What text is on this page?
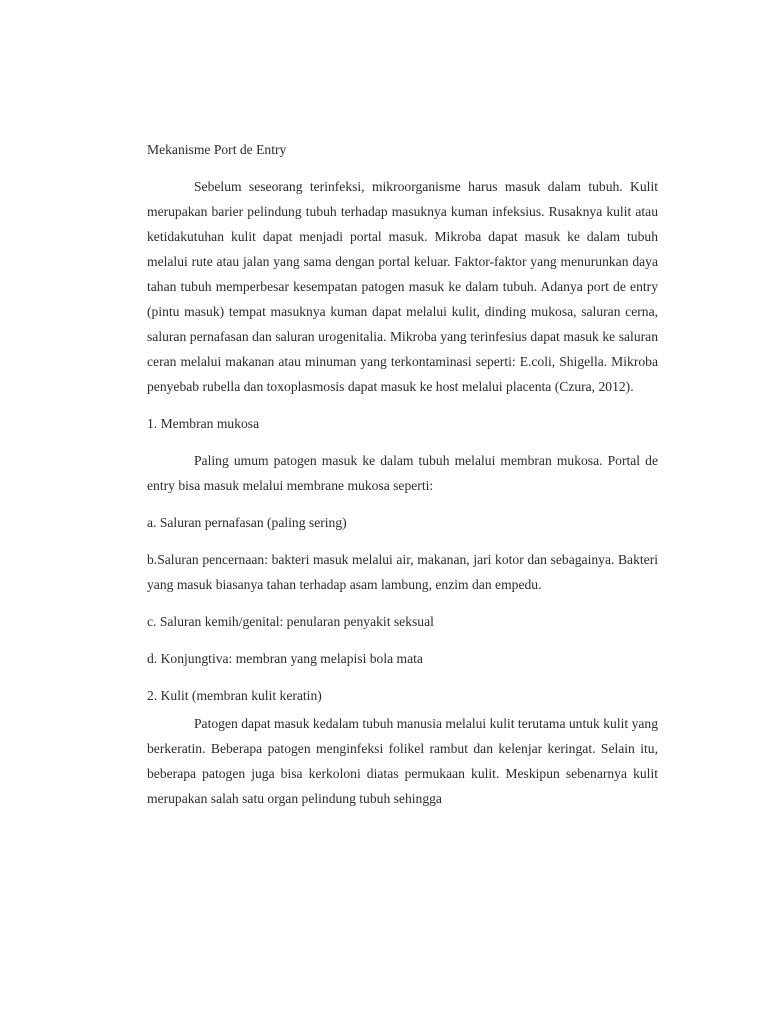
Mekanisme Port de Entry

Sebelum seseorang terinfeksi, mikroorganisme harus masuk dalam tubuh. Kulit merupakan barier pelindung tubuh terhadap masuknya kuman infeksius. Rusaknya kulit atau ketidakutuhan kulit dapat menjadi portal masuk. Mikroba dapat masuk ke dalam tubuh melalui rute atau jalan yang sama dengan portal keluar. Faktor-faktor yang menurunkan daya tahan tubuh memperbesar kesempatan patogen masuk ke dalam tubuh. Adanya port de entry (pintu masuk) tempat masuknya kuman dapat melalui kulit, dinding mukosa, saluran cerna, saluran pernafasan dan saluran urogenitalia. Mikroba yang terinfesius dapat masuk ke saluran ceran melalui makanan atau minuman yang terkontaminasi seperti: E.coli, Shigella. Mikroba penyebab rubella dan toxoplasmosis dapat masuk ke host melalui placenta (Czura, 2012).

1. Membran mukosa

Paling umum patogen masuk ke dalam tubuh melalui membran mukosa. Portal de entry bisa masuk melalui membrane mukosa seperti:

a. Saluran pernafasan (paling sering)

b.Saluran pencernaan: bakteri masuk melalui air, makanan, jari kotor dan sebagainya. Bakteri yang masuk biasanya tahan terhadap asam lambung, enzim dan empedu.

c. Saluran kemih/genital: penularan penyakit seksual

d. Konjungtiva: membran yang melapisi bola mata

2. Kulit (membran kulit keratin)

Patogen dapat masuk kedalam tubuh manusia melalui kulit terutama untuk kulit yang berkeratin. Beberapa patogen menginfeksi folikel rambut dan kelenjar keringat. Selain itu, beberapa patogen juga bisa kerkoloni diatas permukaan kulit. Meskipun sebenarnya kulit merupakan salah satu organ pelindung tubuh sehingga
